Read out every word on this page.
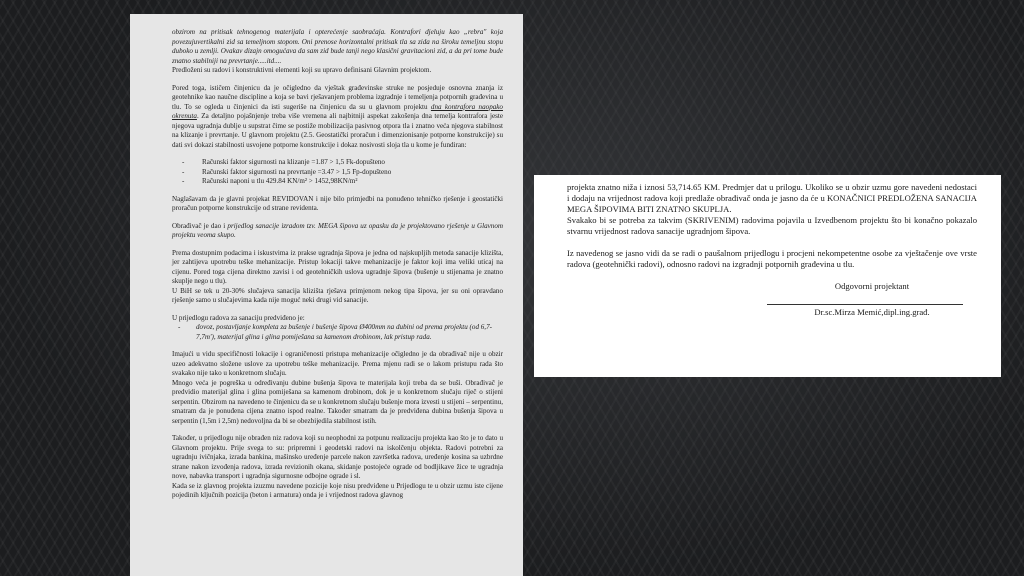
obzirom na pritisak tehnogenog materijala i opterećenje saobraćaja. Kontrafori djeluju kao „rebra" koja povezujuvertikalni zid sa temeljnom stopom. Oni prenose horizontalni pritisak tla sa zida na široku temeljnu stopu duboko u zemlji. Ovakav dizajn omogućava da sam zid bude tanji nego klasični gravitacioni zid, a da pri tome bude znatno stabilniji na prevrtanje.....itd....

Predloženi su radovi i konstruktivni elementi koji su upravo definisani Glavnim projektom.

Pored toga, ističem činjenicu da je očigledno da vještak građevinske struke ne posjeduje osnovna znanja iz geotehnike kao naučne discipline a koja se bavi rješavanjem problema izgradnje i temeljenja potpornih građevina u tlu. To se ogleda u činjenici da isti sugeriše na činjenicu da su u glavnom projektu dna kontrafora naopako okrenuta. Za detaljno pojašnjenje treba više vremena ali najbitniji aspekat zakošenja dna temelja kontrafora jeste njegova ugradnja dublje u supstrat čime se postiže mobilizacija pasivnog otpora tla i znatno veća njegova stabilnost na klizanje i prevrtanje. U glavnom projektu (2.5. Geostatički proračun i dimenzionisanje potporne konstrukcije) su dati svi dokazi stabilnosti usvojene potporne konstrukcije i dokaz nosivosti sloja tla u kome je fundiran:

- Računski faktor sigurnosti na klizanje =1.87 > 1,5 Fk-dopušteno
- Računski faktor sigurnosti na prevrtanje =3.47 > 1,5 Fp-dopušteno
- Računski naponi u tlu 429.84 KN/m² > 1452,98KN/m²

Naglašavam da je glavni projekat REVIDOVAN i nije bilo primjedbi na ponuđeno tehničko rješenje i geostatički proračun potporne konstrukcije od strane revidenta.

Obrađivač je dao i prijedlog sanacije izradom tzv. MEGA šipova uz opasku da je projektovano rješenje u Glavnom projektu veoma skupo.

Prema dostupnim podacima i iskustvima iz prakse ugradnja šipova je jedna od najskupljih metoda sanacije klizišta, jer zahtijeva upotrebu teške mehanizacije. Pristup lokaciji takve mehanizacije je faktor koji ima veliki uticaj na cijenu. Pored toga cijena direktno zavisi i od geotehničkih uslova ugradnje šipova (bušenje u stijenama je znatno skuplje nego u tlu).

U BiH se tek u 20-30% slučajeva sanacija klizišta rješava primjenom nekog tipa šipova, jer su oni opravdano rješenje samo u slučajevima kada nije moguć neki drugi vid sanacije.

U prijedlogu radova za sanaciju predviđeno je:

- dovoz, postavljanje kompleta za bušenje i bušenje šipova Ø400mm na dubini od prema projektu (od 6,7-7,7m'), materijal glina i glina pomiješana sa kamenom drobinom, lak pristup rada.

Imajući u vidu specifičnosti lokacije i ograničenosti pristupa mehanizacije očigledno je da obrađivač nije u obzir uzeo adekvatno složene uslove za upotrebu teške mehanizacije. Prema mjenu radi se o lakom pristupu rada što svakako nije tako u konkretnom slučaju.

Mnogo veća je pogreška u određivanju dubine bušenja šipova te materijala koji treba da se buši. Obrađivač je predvidio materijal glina i glina pomiješana sa kamenom drobinom, dok je u konkretnom slučaju riječ o stijeni serpentin. Obzirom na navedeno te činjenicu da se u konkretnom slučaju bušenje mora izvesti u stijeni – serpentinu, smatram da je ponuđena cijena znatno ispod realne. Također smatram da je predviđena dubina bušenja šipova u serpentin (1,5m i 2,5m) nedovoljna da bi se obezbijedila stabilnost istih.

Također, u prijedlogu nije obrađen niz radova koji su neophodni za potpunu realizaciju projekta kao što je to dato u Glavnom projektu. Prije svega to su: pripremni i geodetski radovi na iskolčenju objekta. Radovi potrebni za ugradnju ivičnjaka, izrada bankina, mašinsko uređenje parcele nakon završetka radova, uređenje kosina sa uzbrdne strane nakon izvođenja radova, izrada revizionih okana, skidanje postojeće ograde od bodljikave žice te ugradnja nove, nabavka transport i ugradnja sigurnosne odbojne ograde i sl.

Kada se iz glavnog projekta izuzmu navedene pozicije koje nisu predviđene u Prijedlogu te u obzir uzmu iste cijene pojedinih ključnih pozicija (beton i armatura) onda je i vrijednost radova glavnog

projekta znatno niža i iznosi 53,714.65 KM. Predmjer dat u prilogu. Ukoliko se u obzir uzmu gore navedeni nedostaci i dodaju na vrijednost radova koji predlaže obrađivač onda je jasno da će u KONAČNICI PREDLOŽENA SANACIJA MEGA ŠIPOVIMA BITI ZNATNO SKUPLJA.

Svakako bi se potreba za takvim (SKRIVENIM) radovima pojavila u Izvedbenom projektu što bi konačno pokazalo stvarnu vrijednost radova sanacije ugradnjom šipova.

Iz navedenog se jasno vidi da se radi o paušalnom prijedlogu i procjeni nekompetentne osobe za vještačenje ove vrste radova (geotehnički radovi), odnosno radovi na izgradnji potpornih građevina u tlu.

Odgovorni projektant
Dr.sc.Mirza Memić,dipl.ing.građ.
